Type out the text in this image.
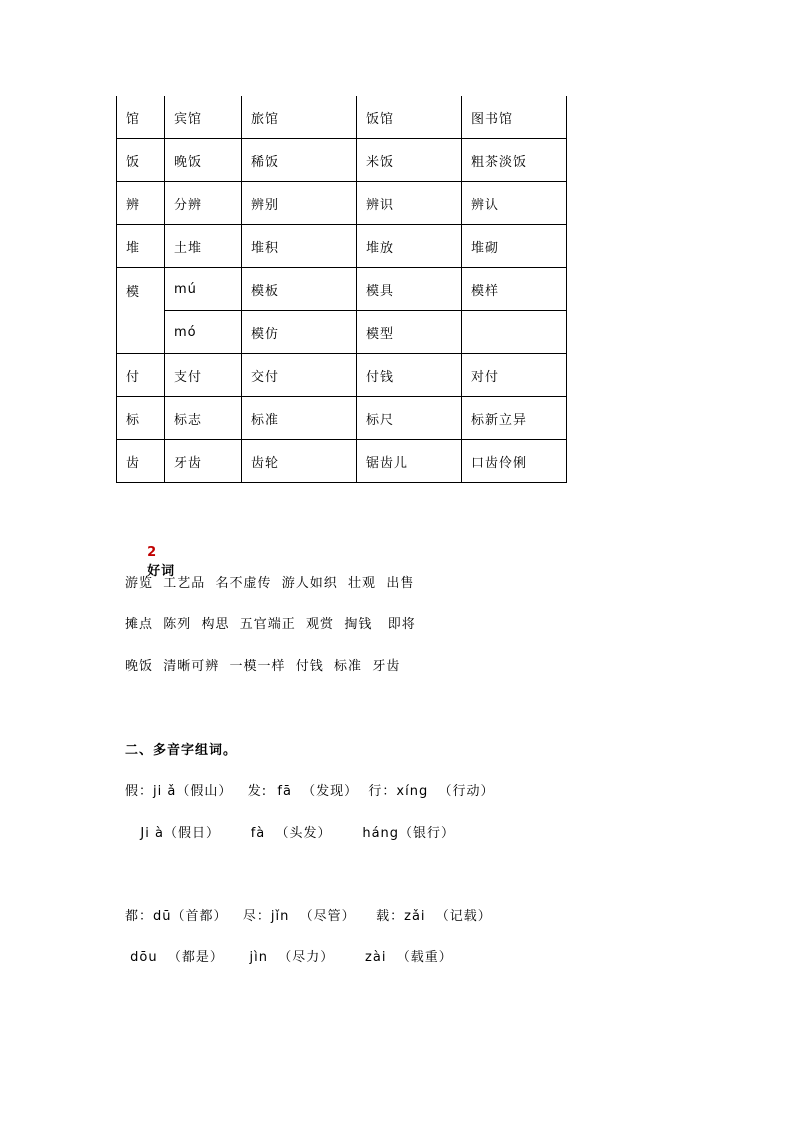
馆	宾馆	旅馆	饭馆	图书馆
饭	晚饭	稀饭	米饭	粗茶淡饭
辨	分辨	辨别	辨识	辨认
堆	土堆	堆积	堆放	堆砌
模	mú	模板	模具	模样
	mó	模仿	模型	
付	支付	交付	付钱	对付
标	标志	标准	标尺	标新立异
齿	牙齿	齿轮	锯齿儿	口齿伶俐

2
好词

游览  工艺品  名不虚传  游人如织  壮观  出售
摊点  陈列  构思  五官端正  观赏  掏钱   即将
晚饭  清晰可辨  一模一样  付钱  标准  牙齿
二、多音字组词。
假：ji ǎ（假山）   发:  fā  （发现）  行：xíng  （行动）
Ji à（假日）      fà  （头发）      háng（银行）
都：dū（首都）   尽：jǐn  （尽管）    载：zǎi  （记载）
dōu  （都是）     jìn  （尽力）      zài  （载重）
